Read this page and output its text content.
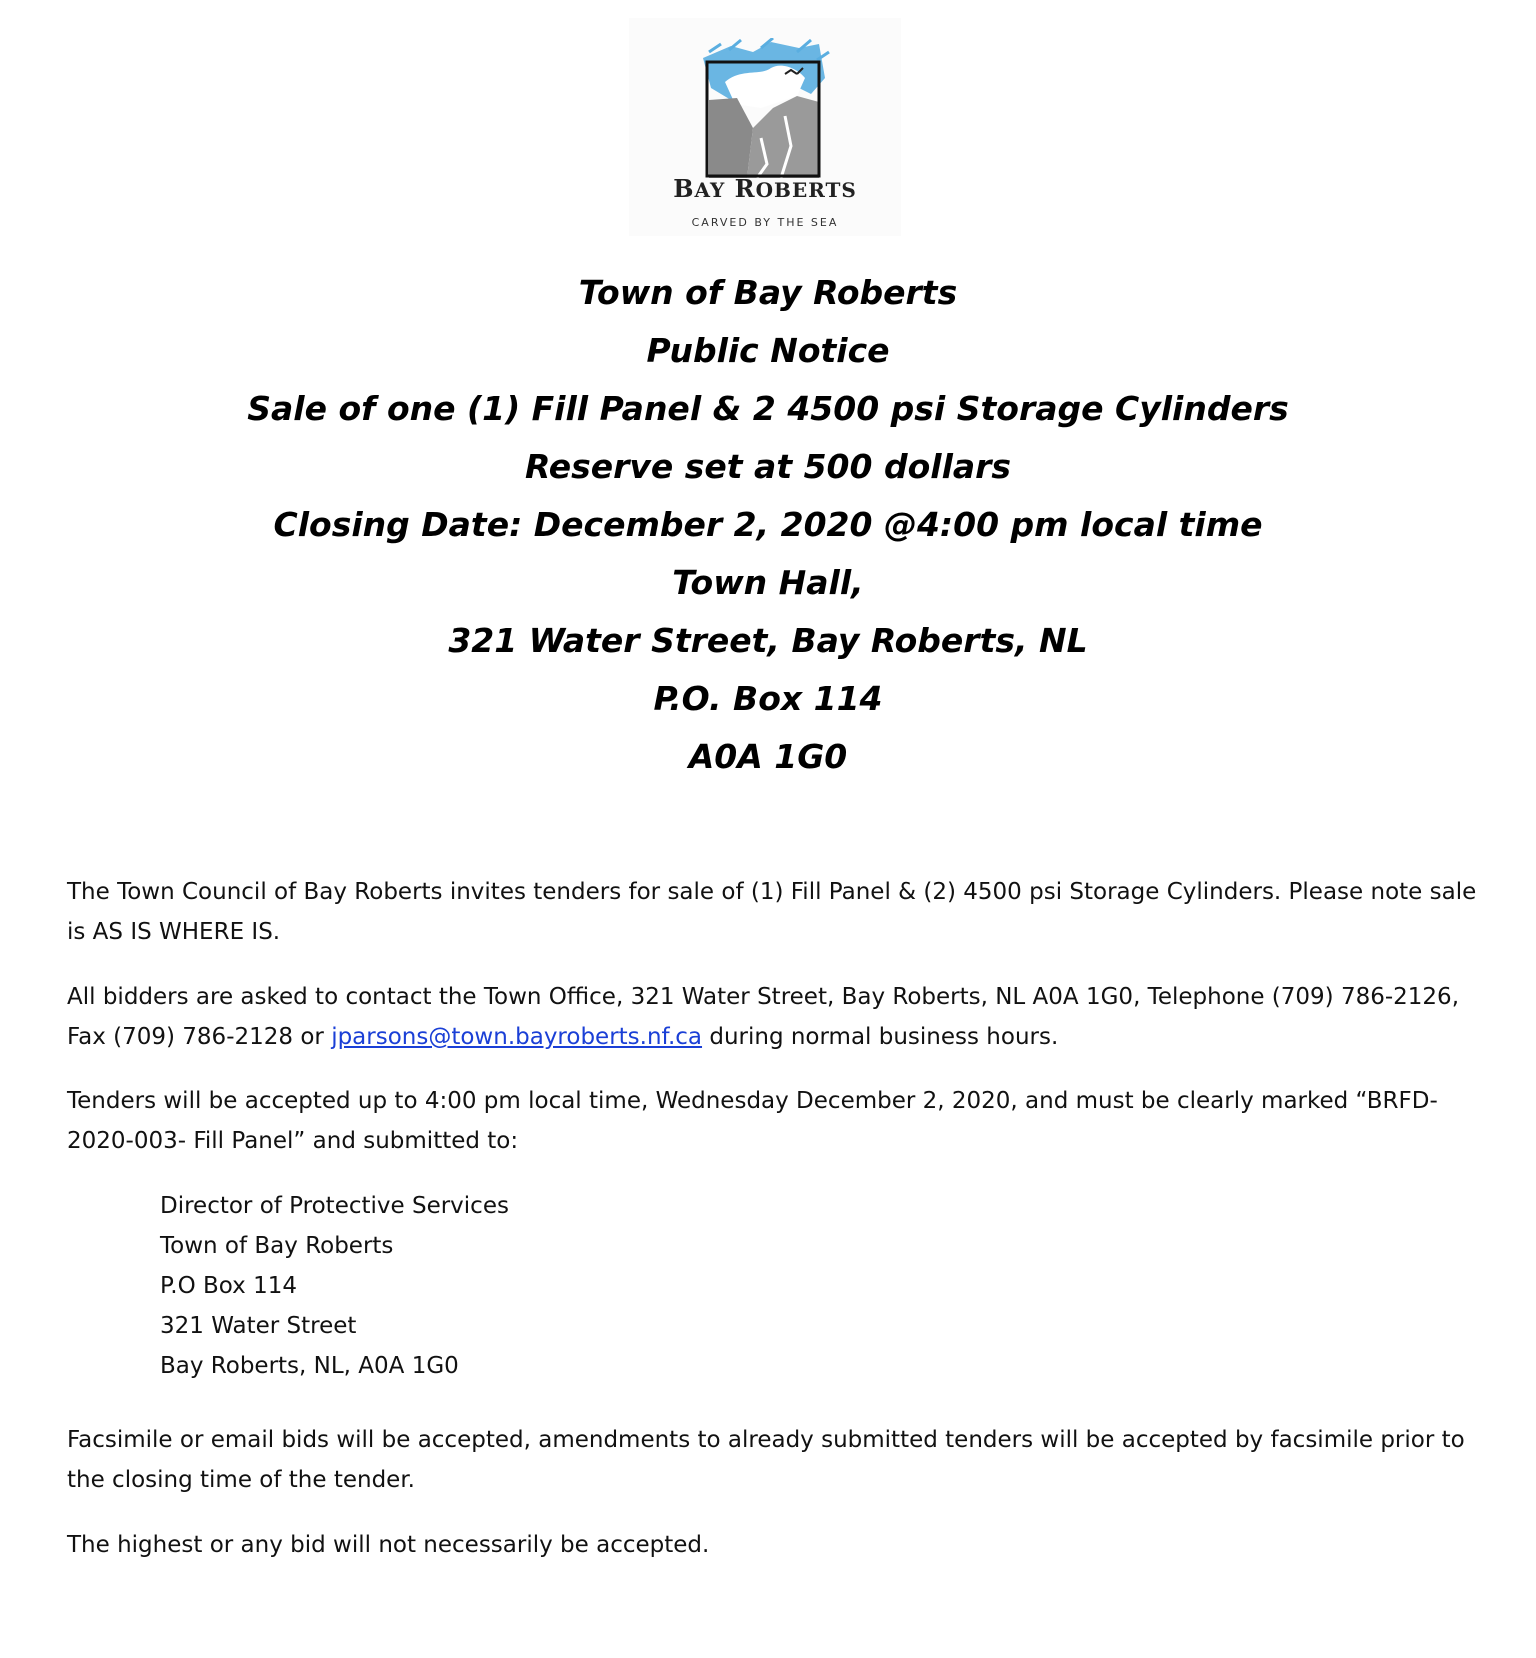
BAY ROBERTS
CARVED BY THE SEA
Town of Bay Roberts
Public Notice
Sale of one (1) Fill Panel & 2 4500 psi Storage Cylinders
Reserve set at 500 dollars
Closing Date: December 2, 2020 @4:00 pm local time
Town Hall,
321 Water Street, Bay Roberts, NL
P.O. Box 114
A0A 1G0

The Town Council of Bay Roberts invites tenders for sale of (1) Fill Panel & (2) 4500 psi Storage Cylinders. Please note sale is AS IS WHERE IS.

All bidders are asked to contact the Town Office, 321 Water Street, Bay Roberts, NL A0A 1G0, Telephone (709) 786-2126, Fax (709) 786-2128 or jparsons@town.bayroberts.nf.ca during normal business hours.

Tenders will be accepted up to 4:00 pm local time, Wednesday December 2, 2020, and must be clearly marked “BRFD-2020-003- Fill Panel” and submitted to:

Director of Protective Services
Town of Bay Roberts
P.O Box 114
321 Water Street
Bay Roberts, NL, A0A 1G0

Facsimile or email bids will be accepted, amendments to already submitted tenders will be accepted by facsimile prior to the closing time of the tender.

The highest or any bid will not necessarily be accepted.
